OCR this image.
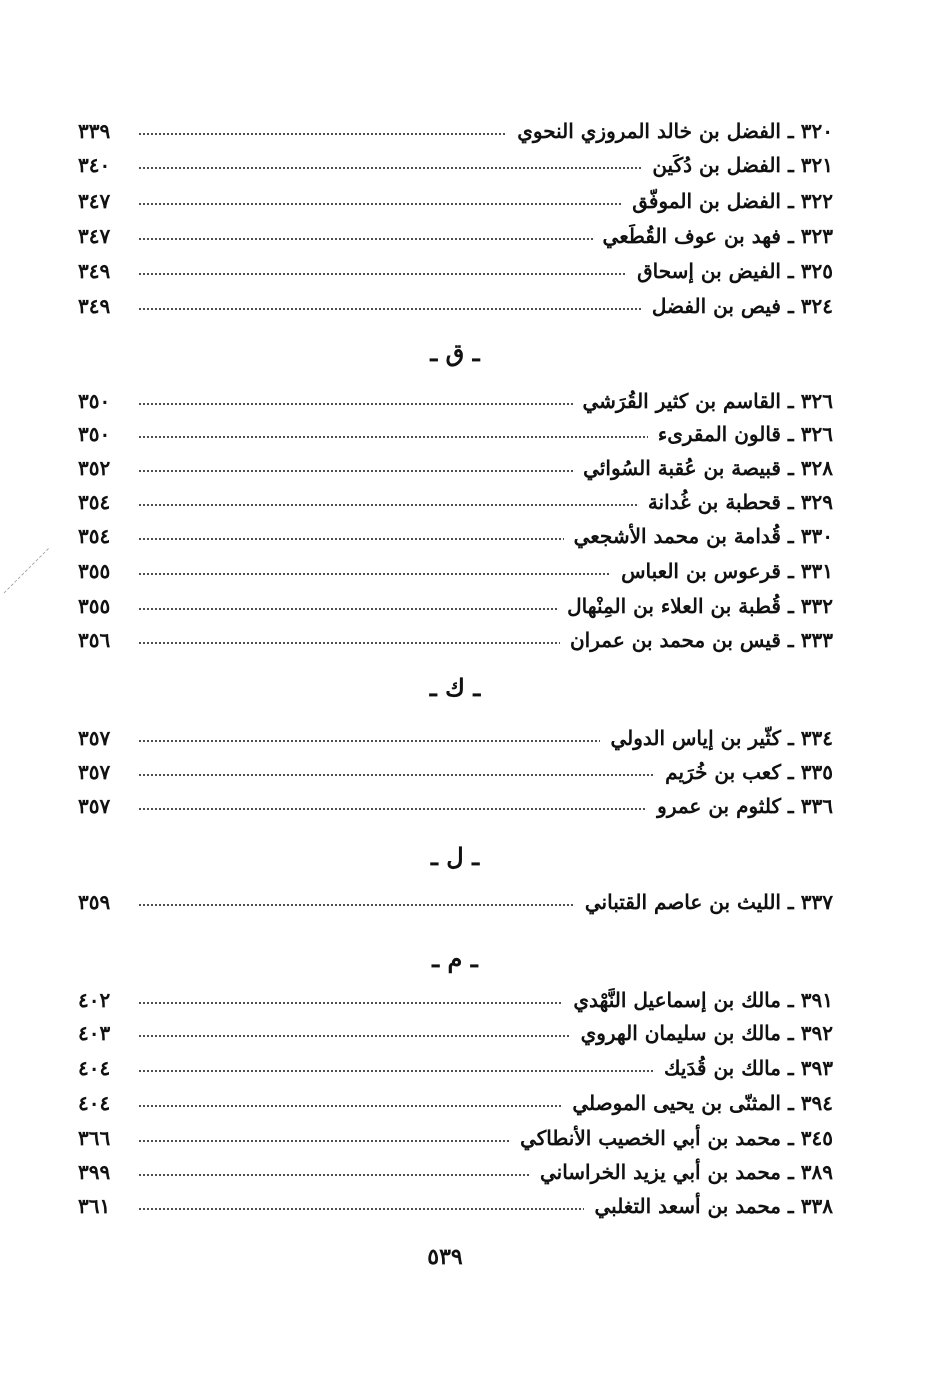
٣٢٠ ـ الفضل بن خالد المروزي النحوي
٣٣٩
٣٢١ ـ الفضل بن دُكَين
٣٤٠
٣٢٢ ـ الفضل بن الموفّق
٣٤٧
٣٢٣ ـ فهد بن عوف القُطَعي
٣٤٧
٣٢٥ ـ الفيض بن إسحاق
٣٤٩
٣٢٤ ـ فيص بن الفضل
٣٤٩
ـ ق ـ
٣٢٦ ـ القاسم بن كثير القُرَشي
٣٥٠
٣٢٦ ـ قالون المقرىء
٣٥٠
٣٢٨ ـ قبيصة بن عُقبة السُوائي
٣٥٢
٣٢٩ ـ قحطبة بن غُدانة
٣٥٤
٣٣٠ ـ قُدامة بن محمد الأشجعي
٣٥٤
٣٣١ ـ قرعوس بن العباس
٣٥٥
٣٣٢ ـ قُطبة بن العلاء بن المِنْهال
٣٥٥
٣٣٣ ـ قيس بن محمد بن عمران
٣٥٦
ـ ك ـ
٣٣٤ ـ كثّير بن إياس الدولي
٣٥٧
٣٣٥ ـ كعب بن خُرَيم
٣٥٧
٣٣٦ ـ كلثوم بن عمرو
٣٥٧
ـ ل ـ
٣٣٧ ـ الليث بن عاصم القتباني
٣٥٩
ـ م ـ
٣٩١ ـ مالك بن إسماعيل النَّهْدي
٤٠٢
٣٩٢ ـ مالك بن سليمان الهروي
٤٠٣
٣٩٣ ـ مالك بن قُدَيك
٤٠٤
٣٩٤ ـ المثنّى بن يحيى الموصلي
٤٠٤
٣٤٥ ـ محمد بن أبي الخصيب الأنطاكي
٣٦٦
٣٨٩ ـ محمد بن أبي يزيد الخراساني
٣٩٩
٣٣٨ ـ محمد بن أسعد التغلبي
٣٦١
٥٣٩
